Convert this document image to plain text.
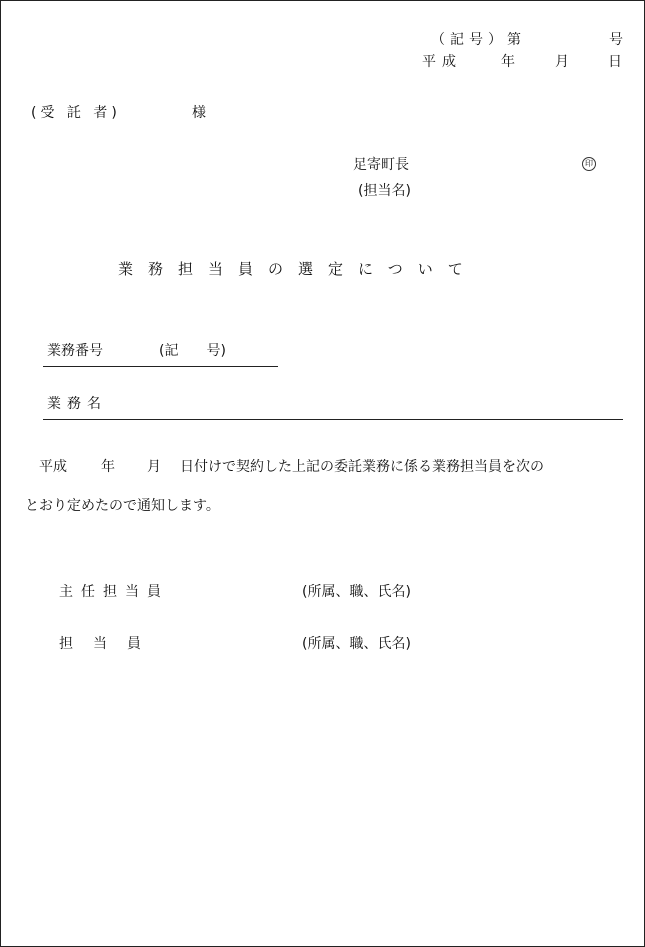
（記号）第	号
平成	年	月	日
(受 託 者)	様
足寄町長	印
(担当名)
業務担当員の選定について
業務番号	(記　　号)
業務名
平成 年 月 日付けで契約した上記の委託業務に係る業務担当員を次の
とおり定めたので通知します。
主任担当員	(所属、職、氏名)
担　当　員	(所属、職、氏名)
